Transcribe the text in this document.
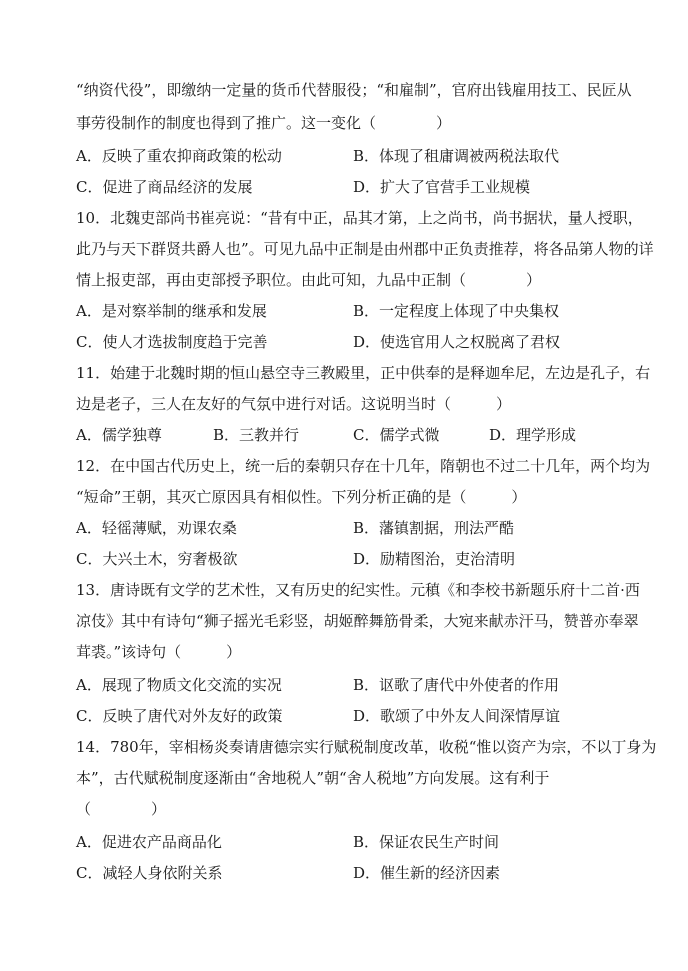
“纳资代役”，即缴纳一定量的货币代替服役；“和雇制”，官府出钱雇用技工、民匠从
事劳役制作的制度也得到了推广。这一变化（　　　　）
A．反映了重农抑商政策的松动	B．体现了租庸调被两税法取代
C．促进了商品经济的发展	D．扩大了官营手工业规模
10．北魏吏部尚书崔亮说：“昔有中正，品其才第，上之尚书，尚书据状，量人授职，
此乃与天下群贤共爵人也”。可见九品中正制是由州郡中正负责推荐，将各品第人物的详
情上报吏部，再由吏部授予职位。由此可知，九品中正制（　　　　）
A．是对察举制的继承和发展	B．一定程度上体现了中央集权
C．使人才选拔制度趋于完善	D．使选官用人之权脱离了君权
11．始建于北魏时期的恒山悬空寺三教殿里，正中供奉的是释迦牟尼，左边是孔子，右
边是老子，三人在友好的气氛中进行对话。这说明当时（　　　）
A．儒学独尊	B．三教并行	C．儒学式微	D．理学形成
12．在中国古代历史上，统一后的秦朝只存在十几年，隋朝也不过二十几年，两个均为
“短命”王朝，其灭亡原因具有相似性。下列分析正确的是（　　　）
A．轻徭薄赋，劝课农桑	B．藩镇割据，刑法严酷
C．大兴土木，穷奢极欲	D．励精图治，吏治清明
13．唐诗既有文学的艺术性，又有历史的纪实性。元稹《和李校书新题乐府十二首·西
凉伎》其中有诗句“狮子摇光毛彩竖，胡姬醉舞筋骨柔，大宛来献赤汗马，赞普亦奉翠
茸裘。”该诗句（　　　）
A．展现了物质文化交流的实况	B．讴歌了唐代中外使者的作用
C．反映了唐代对外友好的政策	D．歌颂了中外友人间深情厚谊
14．780年，宰相杨炎奏请唐德宗实行赋税制度改革，收税“惟以资产为宗，不以丁身为
本”，古代赋税制度逐渐由“舍地税人”朝“舍人税地”方向发展。这有利于
（　　　　）
A．促进农产品商品化	B．保证农民生产时间
C．减轻人身依附关系	D．催生新的经济因素
